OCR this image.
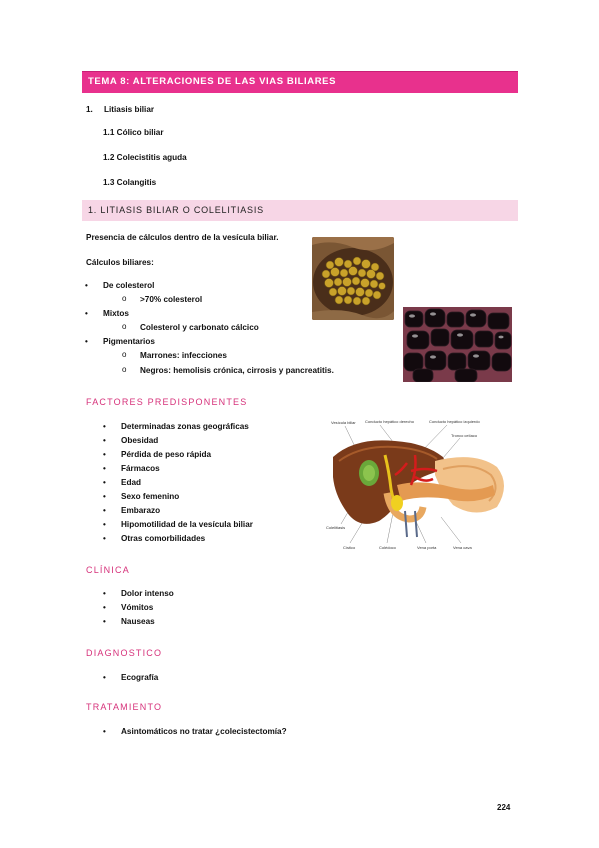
TEMA 8: ALTERACIONES DE LAS VIAS BILIARES
1. Litiasis biliar
1.1 Cólico biliar
1.2 Colecistitis aguda
1.3 Colangitis
1. LITIASIS BILIAR O COLELITIASIS
Presencia de cálculos dentro de la vesícula biliar.
Cálculos biliares:
• De colesterol
o >70% colesterol
• Mixtos
o Colesterol y carbonato cálcico
• Pigmentarios
o Marrones: infecciones
o Negros: hemolisis crónica, cirrosis y pancreatitis.
FACTORES PREDISPONENTES
• Determinadas zonas geográficas
• Obesidad
• Pérdida de peso rápida
• Fármacos
• Edad
• Sexo femenino
• Embarazo
• Hipomotilidad de la vesícula biliar
• Otras comorbilidades
Vesícula biliar Conducto hepático derecho	Conducto hepático izquierdo
Tronco celíaco
Colelitiasis
Cístico	Colédoco	Vena porta	Vena cava
CLÍNICA
• Dolor intenso
• Vómitos
• Nauseas
DIAGNOSTICO
• Ecografía
TRATAMIENTO
• Asintomáticos no tratar ¿colecistectomía?
224
